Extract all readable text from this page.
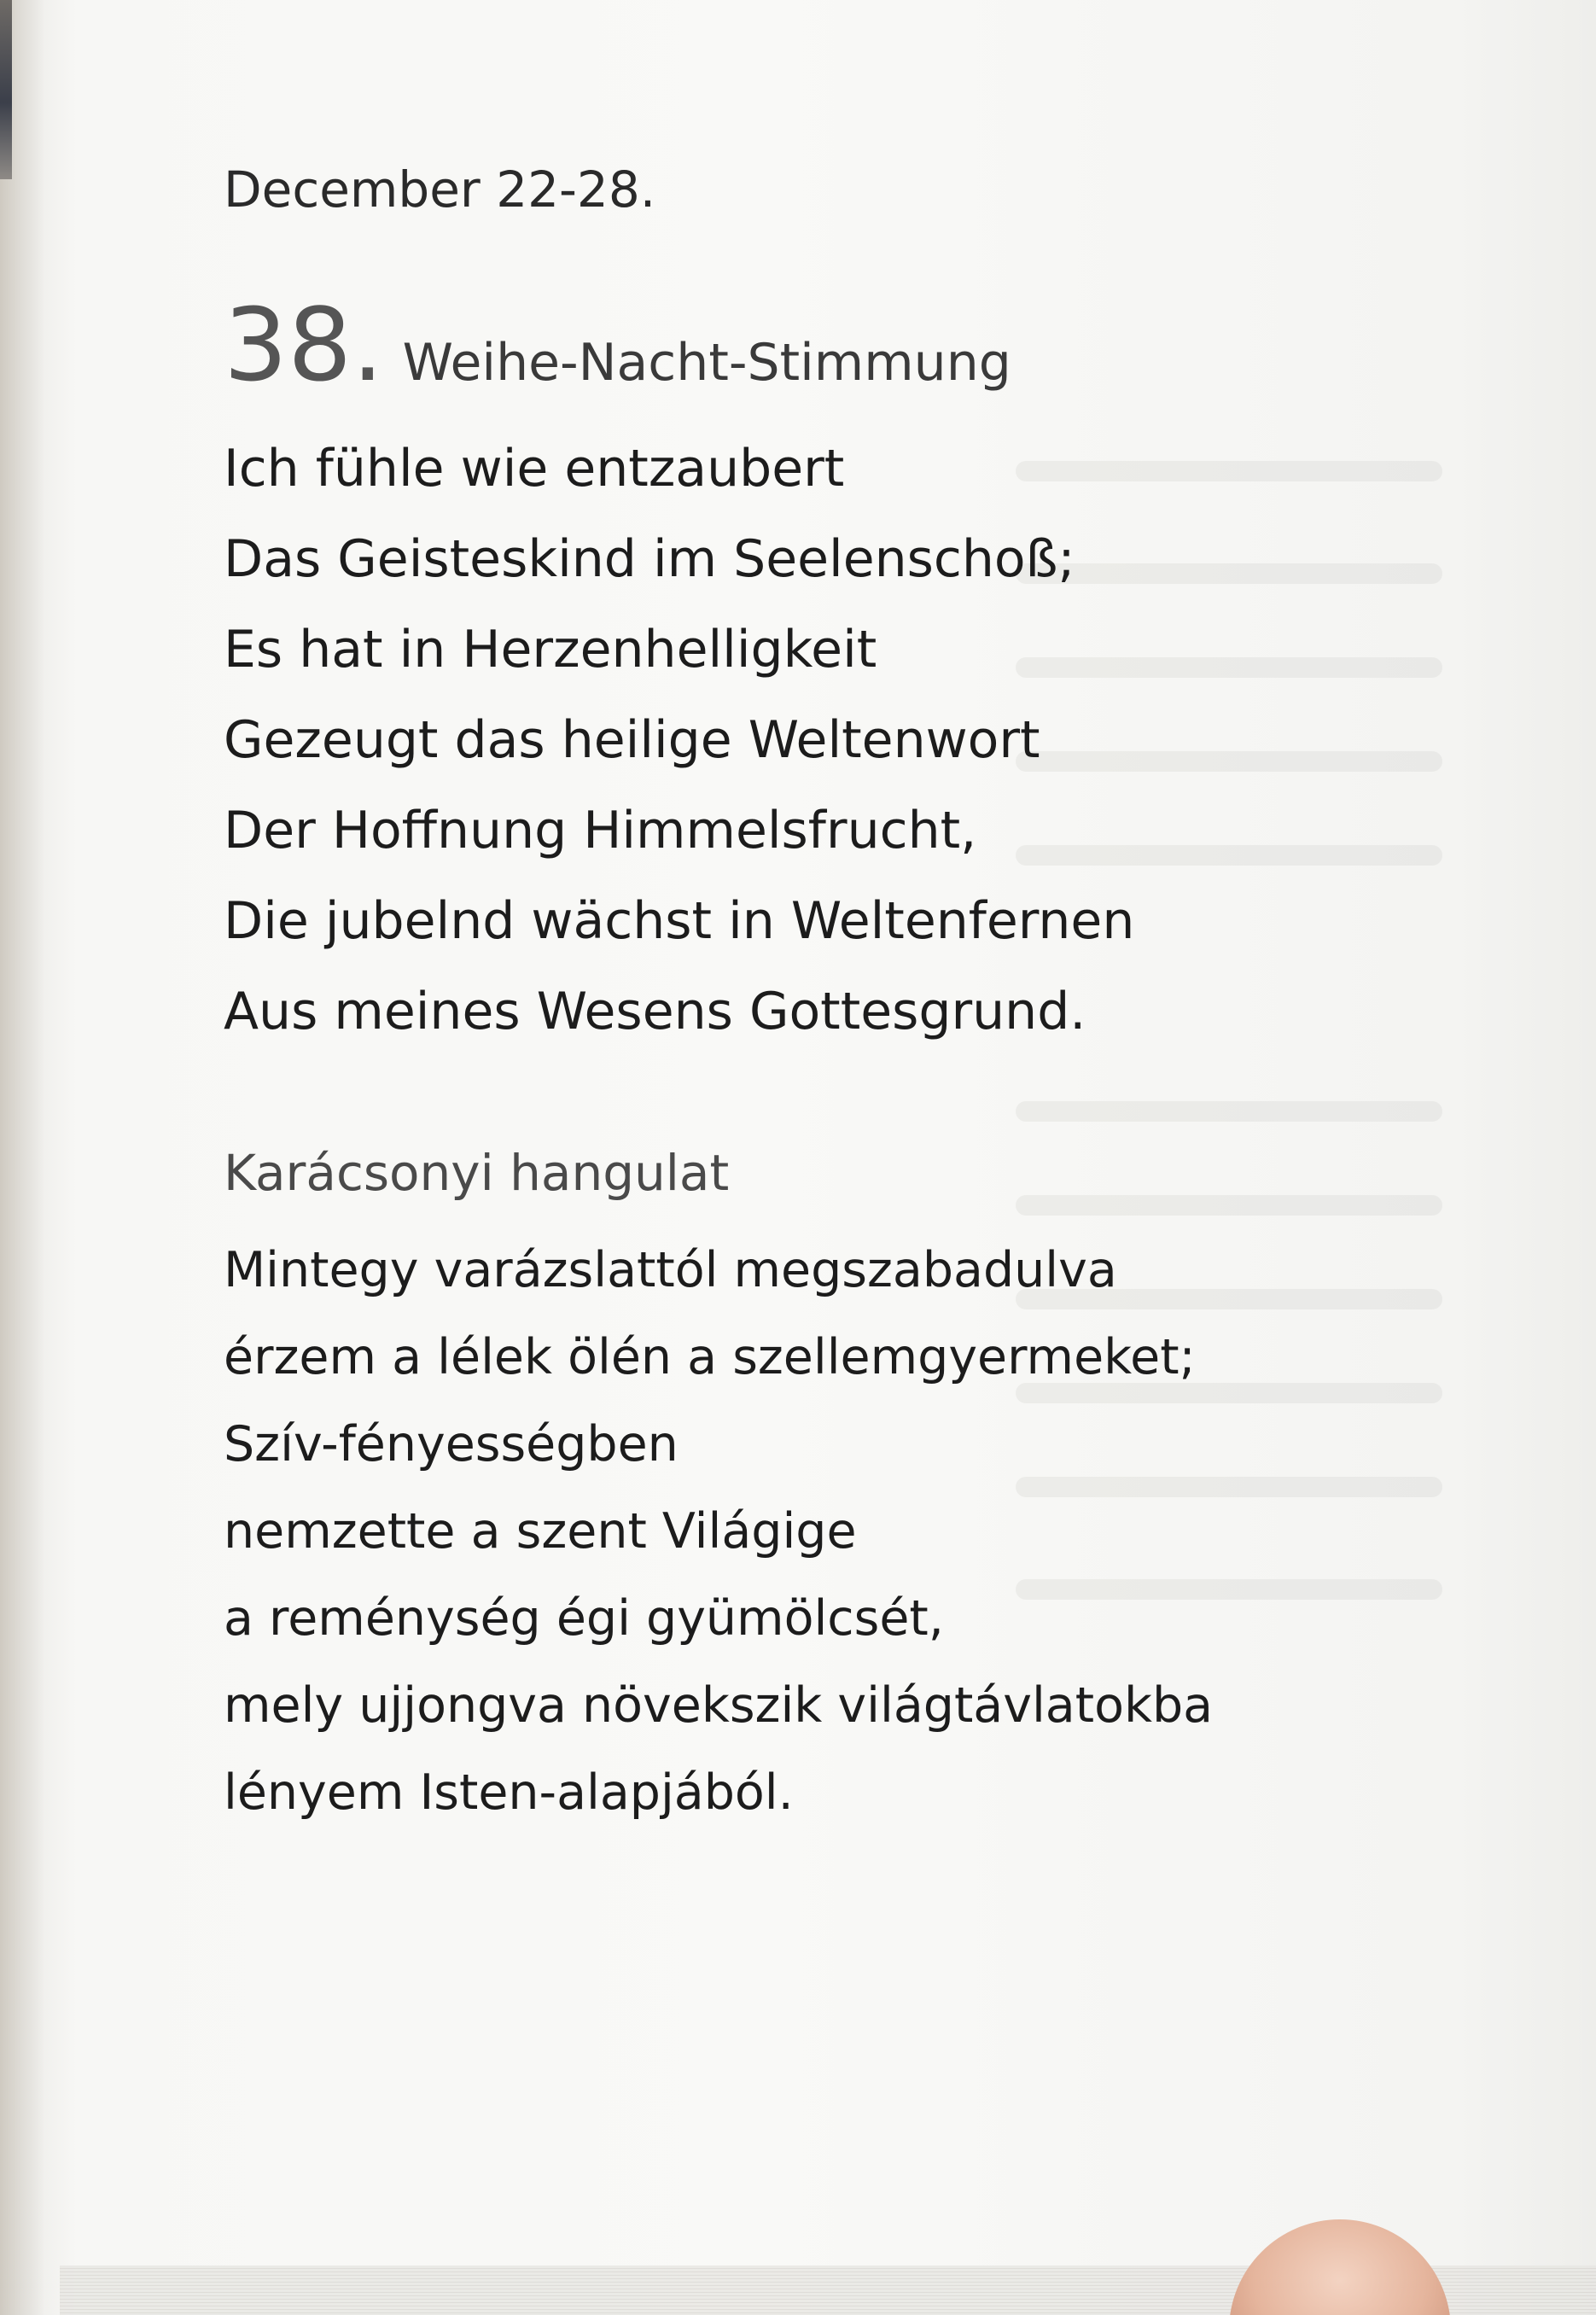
December 22-28.
38. Weihe-Nacht-Stimmung
Ich fühle wie entzaubert
Das Geisteskind im Seelenschoß;
Es hat in Herzenhelligkeit
Gezeugt das heilige Weltenwort
Der Hoffnung Himmelsfrucht,
Die jubelnd wächst in Weltenfernen
Aus meines Wesens Gottesgrund.
Karácsonyi hangulat
Mintegy varázslattól megszabadulva
érzem a lélek ölén a szellemgyermeket;
Szív-fényességben
nemzette a szent Világige
a reménység égi gyümölcsét,
mely ujjongva növekszik világtávlatokba
lényem Isten-alapjából.
